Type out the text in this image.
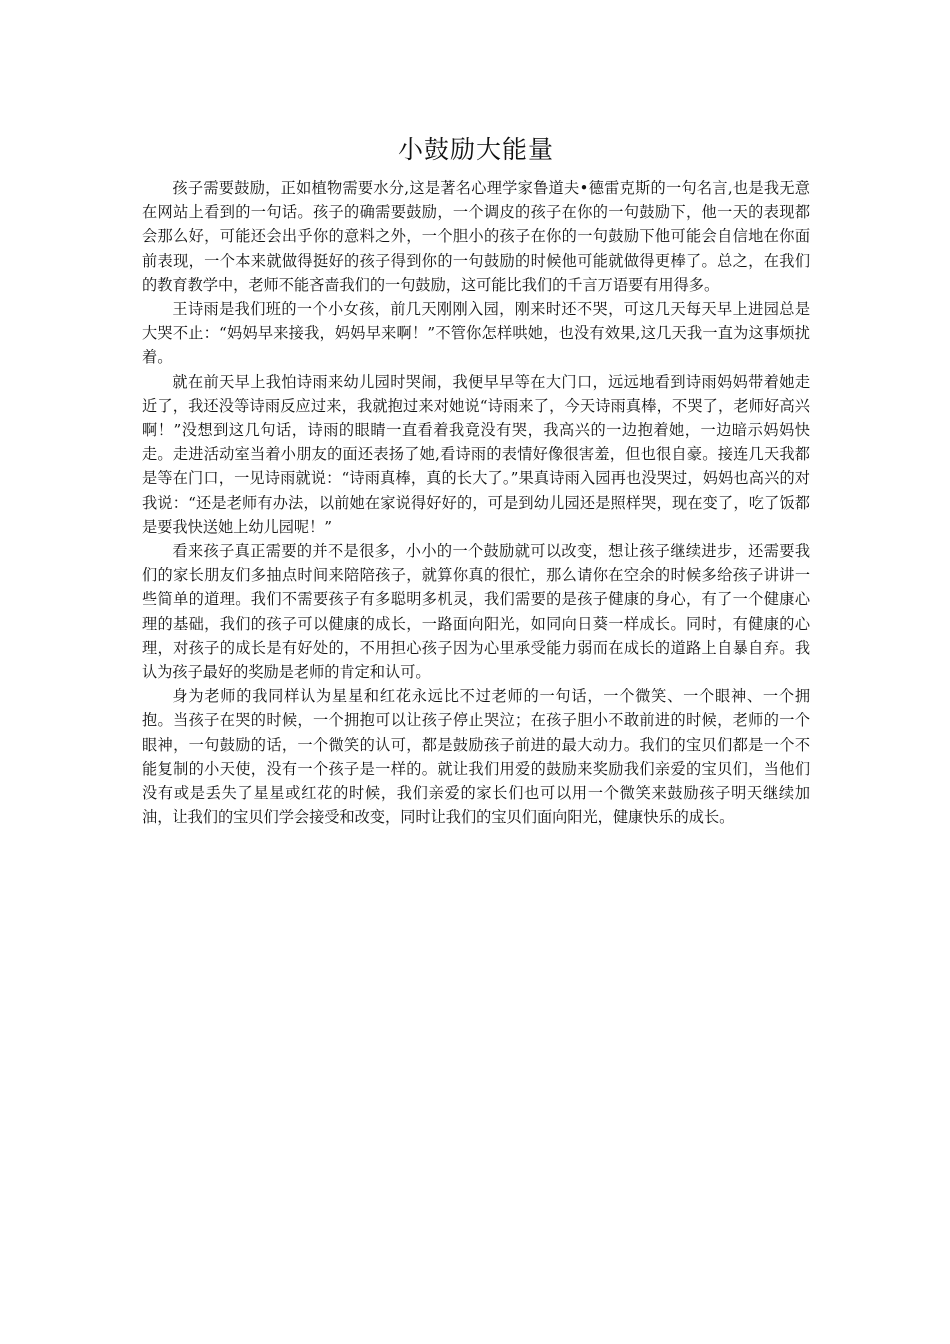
小鼓励大能量

孩子需要鼓励，正如植物需要水分,这是著名心理学家鲁道夫•德雷克斯的一句名言,也是我无意在网站上看到的一句话。孩子的确需要鼓励，一个调皮的孩子在你的一句鼓励下，他一天的表现都会那么好，可能还会出乎你的意料之外，一个胆小的孩子在你的一句鼓励下他可能会自信地在你面前表现，一个本来就做得挺好的孩子得到你的一句鼓励的时候他可能就做得更棒了。总之，在我们的教育教学中，老师不能吝啬我们的一句鼓励，这可能比我们的千言万语要有用得多。

王诗雨是我们班的一个小女孩，前几天刚刚入园，刚来时还不哭，可这几天每天早上进园总是大哭不止：“妈妈早来接我，妈妈早来啊！”不管你怎样哄她，也没有效果,这几天我一直为这事烦扰着。

就在前天早上我怕诗雨来幼儿园时哭闹，我便早早等在大门口，远远地看到诗雨妈妈带着她走近了，我还没等诗雨反应过来，我就抱过来对她说“诗雨来了，今天诗雨真棒，不哭了，老师好高兴啊！”没想到这几句话，诗雨的眼睛一直看着我竟没有哭，我高兴的一边抱着她，一边暗示妈妈快走。走进活动室当着小朋友的面还表扬了她,看诗雨的表情好像很害羞，但也很自豪。接连几天我都是等在门口，一见诗雨就说：“诗雨真棒，真的长大了。”果真诗雨入园再也没哭过，妈妈也高兴的对我说：“还是老师有办法，以前她在家说得好好的，可是到幼儿园还是照样哭，现在变了，吃了饭都是要我快送她上幼儿园呢！”

看来孩子真正需要的并不是很多，小小的一个鼓励就可以改变，想让孩子继续进步，还需要我们的家长朋友们多抽点时间来陪陪孩子，就算你真的很忙，那么请你在空余的时候多给孩子讲讲一些简单的道理。我们不需要孩子有多聪明多机灵，我们需要的是孩子健康的身心，有了一个健康心理的基础，我们的孩子可以健康的成长，一路面向阳光，如同向日葵一样成长。同时，有健康的心理，对孩子的成长是有好处的，不用担心孩子因为心里承受能力弱而在成长的道路上自暴自弃。我认为孩子最好的奖励是老师的肯定和认可。

身为老师的我同样认为星星和红花永远比不过老师的一句话，一个微笑、一个眼神、一个拥抱。当孩子在哭的时候，一个拥抱可以让孩子停止哭泣；在孩子胆小不敢前进的时候，老师的一个眼神，一句鼓励的话，一个微笑的认可，都是鼓励孩子前进的最大动力。我们的宝贝们都是一个不能复制的小天使，没有一个孩子是一样的。就让我们用爱的鼓励来奖励我们亲爱的宝贝们，当他们没有或是丢失了星星或红花的时候，我们亲爱的家长们也可以用一个微笑来鼓励孩子明天继续加油，让我们的宝贝们学会接受和改变，同时让我们的宝贝们面向阳光，健康快乐的成长。
